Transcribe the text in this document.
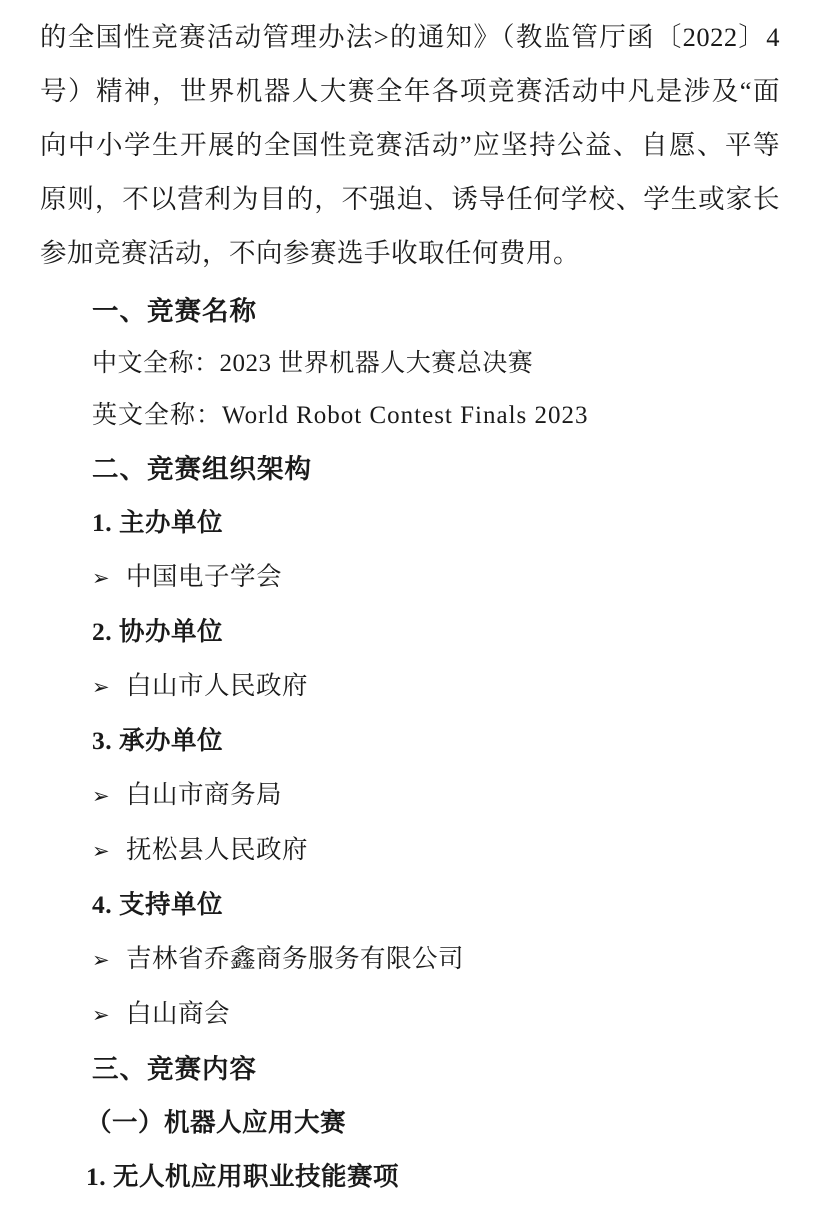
的全国性竞赛活动管理办法>的通知》（教监管厅函〔2022〕4 号）精神，世界机器人大赛全年各项竞赛活动中凡是涉及“面向中小学生开展的全国性竞赛活动”应坚持公益、自愿、平等原则，不以营利为目的，不强迫、诱导任何学校、学生或家长参加竞赛活动，不向参赛选手收取任何费用。

一、竞赛名称

中文全称：2023 世界机器人大赛总决赛

英文全称：World Robot Contest Finals 2023

二、竞赛组织架构

1. 主办单位

➢ 中国电子学会

2. 协办单位

➢ 白山市人民政府

3. 承办单位

➢ 白山市商务局

➢ 抚松县人民政府

4. 支持单位

➢ 吉林省乔鑫商务服务有限公司

➢ 白山商会

三、竞赛内容

（一）机器人应用大赛

1. 无人机应用职业技能赛项
